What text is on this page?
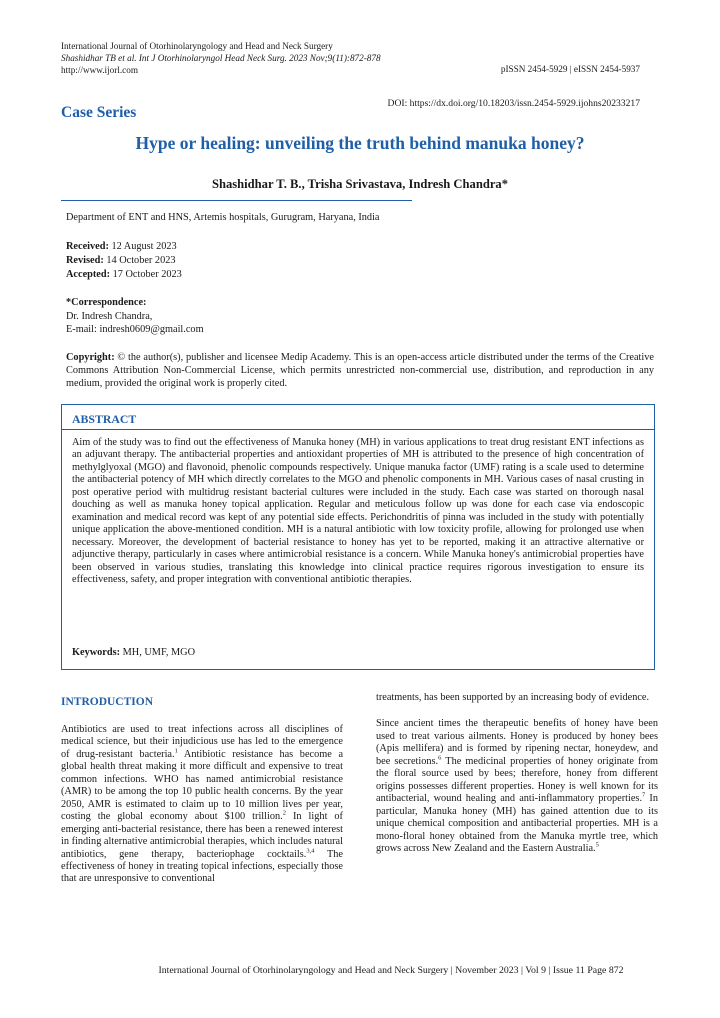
International Journal of Otorhinolaryngology and Head and Neck Surgery
Shashidhar TB et al. Int J Otorhinolaryngol Head Neck Surg. 2023 Nov;9(11):872-878
http://www.ijorl.com	pISSN 2454-5929 | eISSN 2454-5937
Case Series
DOI: https://dx.doi.org/10.18203/issn.2454-5929.ijohns20233217
Hype or healing: unveiling the truth behind manuka honey?
Shashidhar T. B., Trisha Srivastava, Indresh Chandra*
Department of ENT and HNS, Artemis hospitals, Gurugram, Haryana, India
Received: 12 August 2023
Revised: 14 October 2023
Accepted: 17 October 2023
*Correspondence:
Dr. Indresh Chandra,
E-mail: indresh0609@gmail.com
Copyright: © the author(s), publisher and licensee Medip Academy. This is an open-access article distributed under the terms of the Creative Commons Attribution Non-Commercial License, which permits unrestricted non-commercial use, distribution, and reproduction in any medium, provided the original work is properly cited.
ABSTRACT
Aim of the study was to find out the effectiveness of Manuka honey (MH) in various applications to treat drug resistant ENT infections as an adjuvant therapy. The antibacterial properties and antioxidant properties of MH is attributed to the presence of high concentration of methylglyoxal (MGO) and flavonoid, phenolic compounds respectively. Unique manuka factor (UMF) rating is a scale used to determine the antibacterial potency of MH which directly correlates to the MGO and phenolic components in MH. Various cases of nasal crusting in post operative period with multidrug resistant bacterial cultures were included in the study. Each case was started on thorough nasal douching as well as manuka honey topical application. Regular and meticulous follow up was done for each case via endoscopic examination and medical record was kept of any potential side effects. Perichondritis of pinna was included in the study with potentially unique application the above-mentioned condition. MH is a natural antibiotic with low toxicity profile, allowing for prolonged use when necessary. Moreover, the development of bacterial resistance to honey has yet to be reported, making it an attractive alternative or adjunctive therapy, particularly in cases where antimicrobial resistance is a concern. While Manuka honey's antimicrobial properties have been observed in various studies, translating this knowledge into clinical practice requires rigorous investigation to ensure its effectiveness, safety, and proper integration with conventional antibiotic therapies.
Keywords: MH, UMF, MGO
INTRODUCTION

Antibiotics are used to treat infections across all disciplines of medical science, but their injudicious use has led to the emergence of drug-resistant bacteria.$^1$ Antibiotic resistance has become a global health threat making it more difficult and expensive to treat common infections. WHO has named antimicrobial resistance (AMR) to be among the top 10 public health concerns. By the year 2050, AMR is estimated to claim up to 10 million lives per year, costing the global economy about $100 trillion.$^2$ In light of emerging anti-bacterial resistance, there has been a renewed interest in finding alternative antimicrobial therapies, which includes natural antibiotics, gene therapy, bacteriophage cocktails.$^{3,4}$ The effectiveness of honey in treating topical infections, especially those that are unresponsive to conventional

treatments, has been supported by an increasing body of evidence.

Since ancient times the therapeutic benefits of honey have been used to treat various ailments. Honey is produced by honey bees (Apis mellifera) and is formed by ripening nectar, honeydew, and bee secretions.$^6$ The medicinal properties of honey originate from the floral source used by bees; therefore, honey from different origins possesses different properties. Honey is well known for its antibacterial, wound healing and anti-inflammatory properties.$^7$ In particular, Manuka honey (MH) has gained attention due to its unique chemical composition and antibacterial properties. MH is a mono-floral honey obtained from the Manuka myrtle tree, which grows across New Zealand and the Eastern Australia.$^5$

International Journal of Otorhinolaryngology and Head and Neck Surgery | November 2023 | Vol 9 | Issue 11 Page 872
